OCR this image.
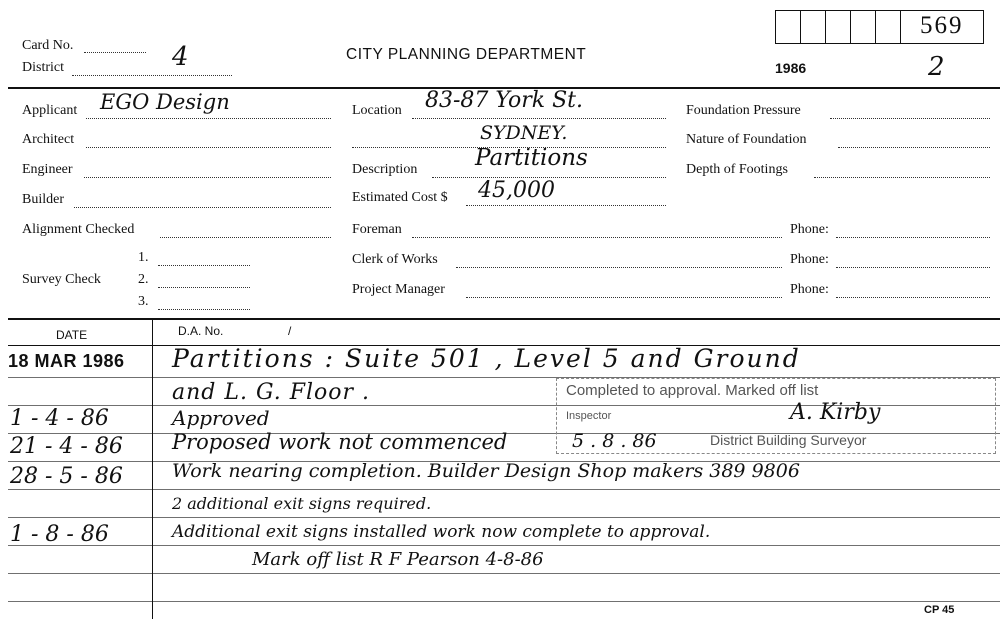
Card No.
District	4	CITY PLANNING DEPARTMENT
1986
569
2
Applicant EGO Design
Architect
Engineer
Builder
Alignment Checked
Survey Check
1.
2.
3.
Location 83-87 York St.
SYDNEY.
Description	Partitions
Estimated Cost $ 45,000
Foreman
Clerk of Works
Project Manager
Foundation Pressure
Nature of Foundation
Depth of Footings
Phone:
Phone:
Phone:
DATE	D.A. No.	/
Completed to approval. Marked off list
Inspector	A. Kirby
District Building Surveyor
5 . 8 . 86
18 MAR 1986 Partitions : Suite 501 , Level 5 and Ground
and L. G. Floor .
1 - 4 - 86	Approved
21 - 4 - 86 Proposed work not commenced
28 - 5 - 86	Work nearing completion. Builder Design Shop makers 389 9806
2 additional exit signs required.
1 - 8 - 86	Additional exit signs installed work now complete to approval.
Mark off list R F Pearson 4-8-86
CP 45
